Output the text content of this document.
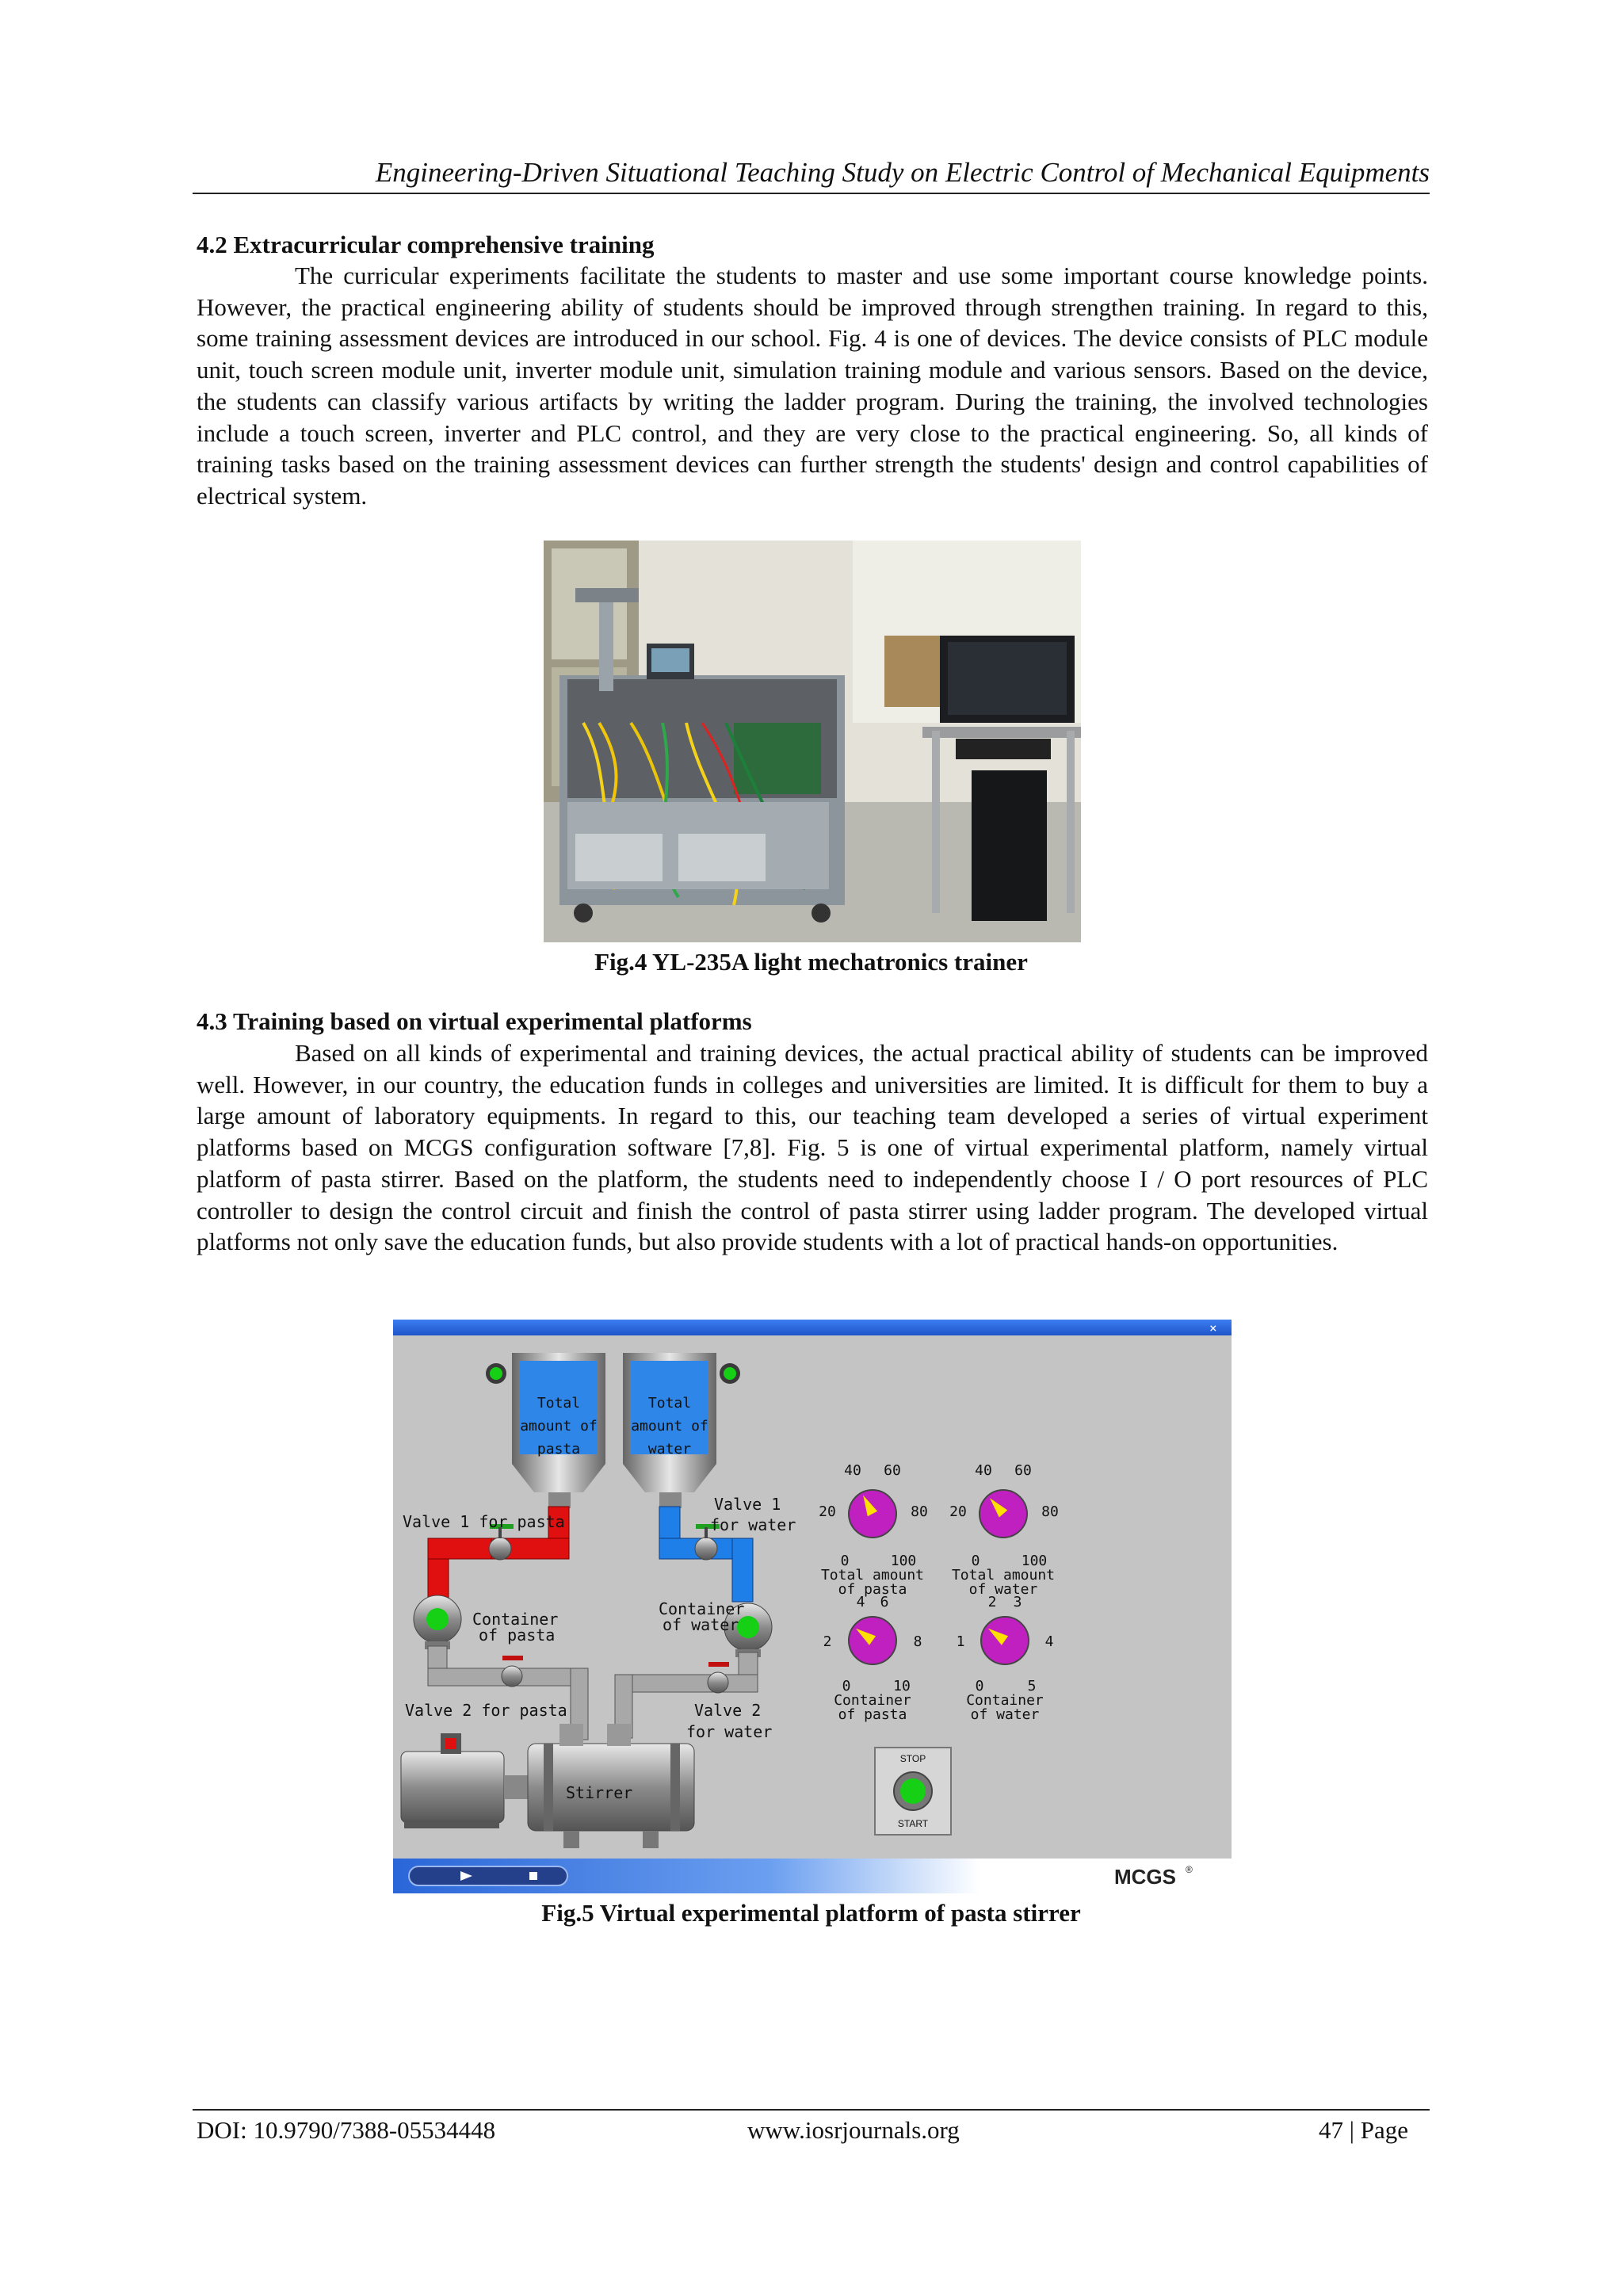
Engineering-Driven Situational Teaching Study on Electric Control of Mechanical Equipments
4.2 Extracurricular comprehensive training

The curricular experiments facilitate the students to master and use some important course knowledge points. However, the practical engineering ability of students should be improved through strengthen training. In regard to this, some training assessment devices are introduced in our school. Fig. 4 is one of devices. The device consists of PLC module unit, touch screen module unit, inverter module unit, simulation training module and various sensors. Based on the device, the students can classify various artifacts by writing the ladder program. During the training, the involved technologies include a touch screen, inverter and PLC control, and they are very close to the practical engineering. So, all kinds of training tasks based on the training assessment devices can further strength the students' design and control capabilities of electrical system.

Fig.4 YL-235A light mechatronics trainer

4.3 Training based on virtual experimental platforms

Based on all kinds of experimental and training devices, the actual practical ability of students can be improved well. However, in our country, the education funds in colleges and universities are limited. It is difficult for them to buy a large amount of laboratory equipments. In regard to this, our teaching team developed a series of virtual experiment platforms based on MCGS configuration software [7,8]. Fig. 5 is one of virtual experimental platform, namely virtual platform of pasta stirrer. Based on the platform, the students need to independently choose I / O port resources of PLC controller to design the control circuit and finish the control of pasta stirrer using ladder program. The developed virtual platforms not only save the education funds, but also provide students with a lot of practical hands-on opportunities.

×
Total
amount of
pasta
Total
amount of
water
Valve 1 for pasta
Valve 1
for water
Container
of pasta
Container
of water
Valve 2 for pasta	Valve 2
for water
Stirrer
0
20
40 60
80
100
Total amount
of pasta
0
20
40 60
80
100
Total amount
of water
0
2
4 6
8
10
Container
of pasta
0
1
2 3
4
5
Container
of water
STOP
START
MCGS ®

Fig.5 Virtual experimental platform of pasta stirrer

DOI: 10.9790/7388-05534448	www.iosrjournals.org	47 | Page
